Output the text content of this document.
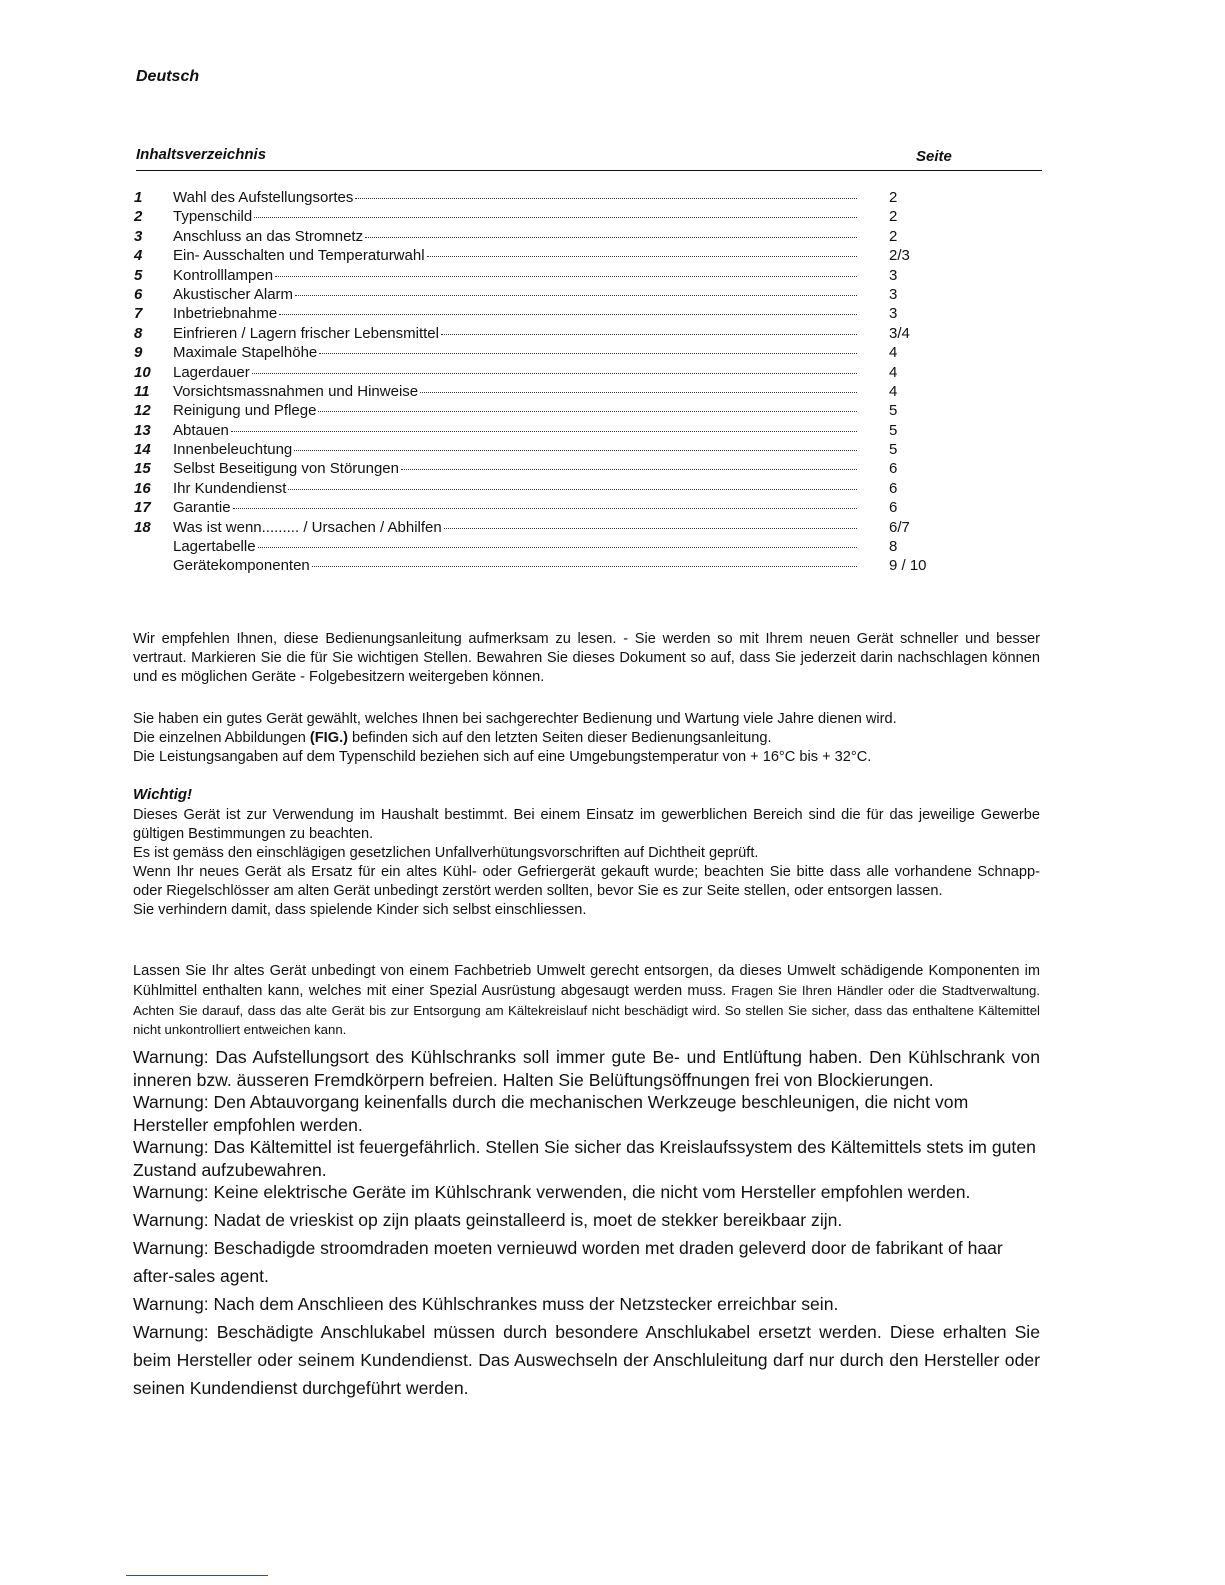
Deutsch
Inhaltsverzeichnis	Seite
1	Wahl des Aufstellungsortes	2
2	Typenschild	2
3	Anschluss an das Stromnetz	2
4	Ein- Ausschalten und Temperaturwahl	2/3
5	Kontrolllampen	3
6	Akustischer Alarm	3
7	Inbetriebnahme	3
8	Einfrieren / Lagern frischer Lebensmittel	3/4
9	Maximale Stapelhöhe	4
10	Lagerdauer	4
11	Vorsichtsmassnahmen und Hinweise	4
12	Reinigung und Pflege	5
13	Abtauen	5
14	Innenbeleuchtung	5
15	Selbst Beseitigung von Störungen	6
16	Ihr Kundendienst	6
17	Garantie	6
18	Was ist wenn......... / Ursachen / Abhilfen	6/7
Lagertabelle	8
Gerätekomponenten	9 / 10

Wir empfehlen Ihnen, diese Bedienungsanleitung aufmerksam zu lesen. - Sie werden so mit Ihrem neuen Gerät schneller und besser vertraut. Markieren Sie die für Sie wichtigen Stellen. Bewahren Sie dieses Dokument so auf, dass Sie jederzeit darin nachschlagen können und es möglichen Geräte - Folgebesitzern weitergeben können.

Sie haben ein gutes Gerät gewählt, welches Ihnen bei sachgerechter Bedienung und Wartung viele Jahre dienen wird.
Die einzelnen Abbildungen (FIG.) befinden sich auf den letzten Seiten dieser Bedienungsanleitung.
Die Leistungsangaben auf dem Typenschild beziehen sich auf eine Umgebungstemperatur von + 16°C bis + 32°C.

Wichtig!
Dieses Gerät ist zur Verwendung im Haushalt bestimmt. Bei einem Einsatz im gewerblichen Bereich sind die für das jeweilige Gewerbe gültigen Bestimmungen zu beachten.
Es ist gemäss den einschlägigen gesetzlichen Unfallverhütungsvorschriften auf Dichtheit geprüft.
Wenn Ihr neues Gerät als Ersatz für ein altes Kühl- oder Gefriergerät gekauft wurde; beachten Sie bitte dass alle vorhandene Schnapp- oder Riegelschlösser am alten Gerät unbedingt zerstört werden sollten, bevor Sie es zur Seite stellen, oder entsorgen lassen.
Sie verhindern damit, dass spielende Kinder sich selbst einschliessen.

Lassen Sie Ihr altes Gerät unbedingt von einem Fachbetrieb Umwelt gerecht entsorgen, da dieses Umwelt schädigende Komponenten im Kühlmittel enthalten kann, welches mit einer Spezial Ausrüstung abgesaugt werden muss. Fragen Sie Ihren Händler oder die Stadtverwaltung. Achten Sie darauf, dass das alte Gerät bis zur Entsorgung am Kältekreislauf nicht beschädigt wird. So stellen Sie sicher, dass das enthaltene Kältemittel nicht unkontrolliert entweichen kann.

Warnung: Das Aufstellungsort des Kühlschranks soll immer gute Be- und Entlüftung haben. Den Kühlschrank von inneren bzw. äusseren Fremdkörpern befreien. Halten Sie Belüftungsöffnungen frei von Blockierungen.
Warnung: Den Abtauvorgang keinenfalls durch die mechanischen Werkzeuge beschleunigen, die nicht vom Hersteller empfohlen werden.
Warnung: Das Kältemittel ist feuergefährlich. Stellen Sie sicher das Kreislaufssystem des Kältemittels stets im guten Zustand aufzubewahren.
Warnung: Keine elektrische Geräte im Kühlschrank verwenden, die nicht vom Hersteller empfohlen werden.
Warnung: Nadat de vrieskist op zijn plaats geinstalleerd is, moet de stekker bereikbaar zijn.
Warnung: Beschadigde stroomdraden moeten vernieuwd worden met draden geleverd door de fabrikant of haar after-sales agent.
Warnung: Nach dem Anschlieen des Kühlschrankes muss der Netzstecker erreichbar sein.
Warnung: Beschädigte Anschlukabel müssen durch besondere Anschlukabel ersetzt werden. Diese erhalten Sie beim Hersteller oder seinem Kundendienst. Das Auswechseln der Anschluleitung darf nur durch den Hersteller oder seinen Kundendienst durchgeführt werden.
